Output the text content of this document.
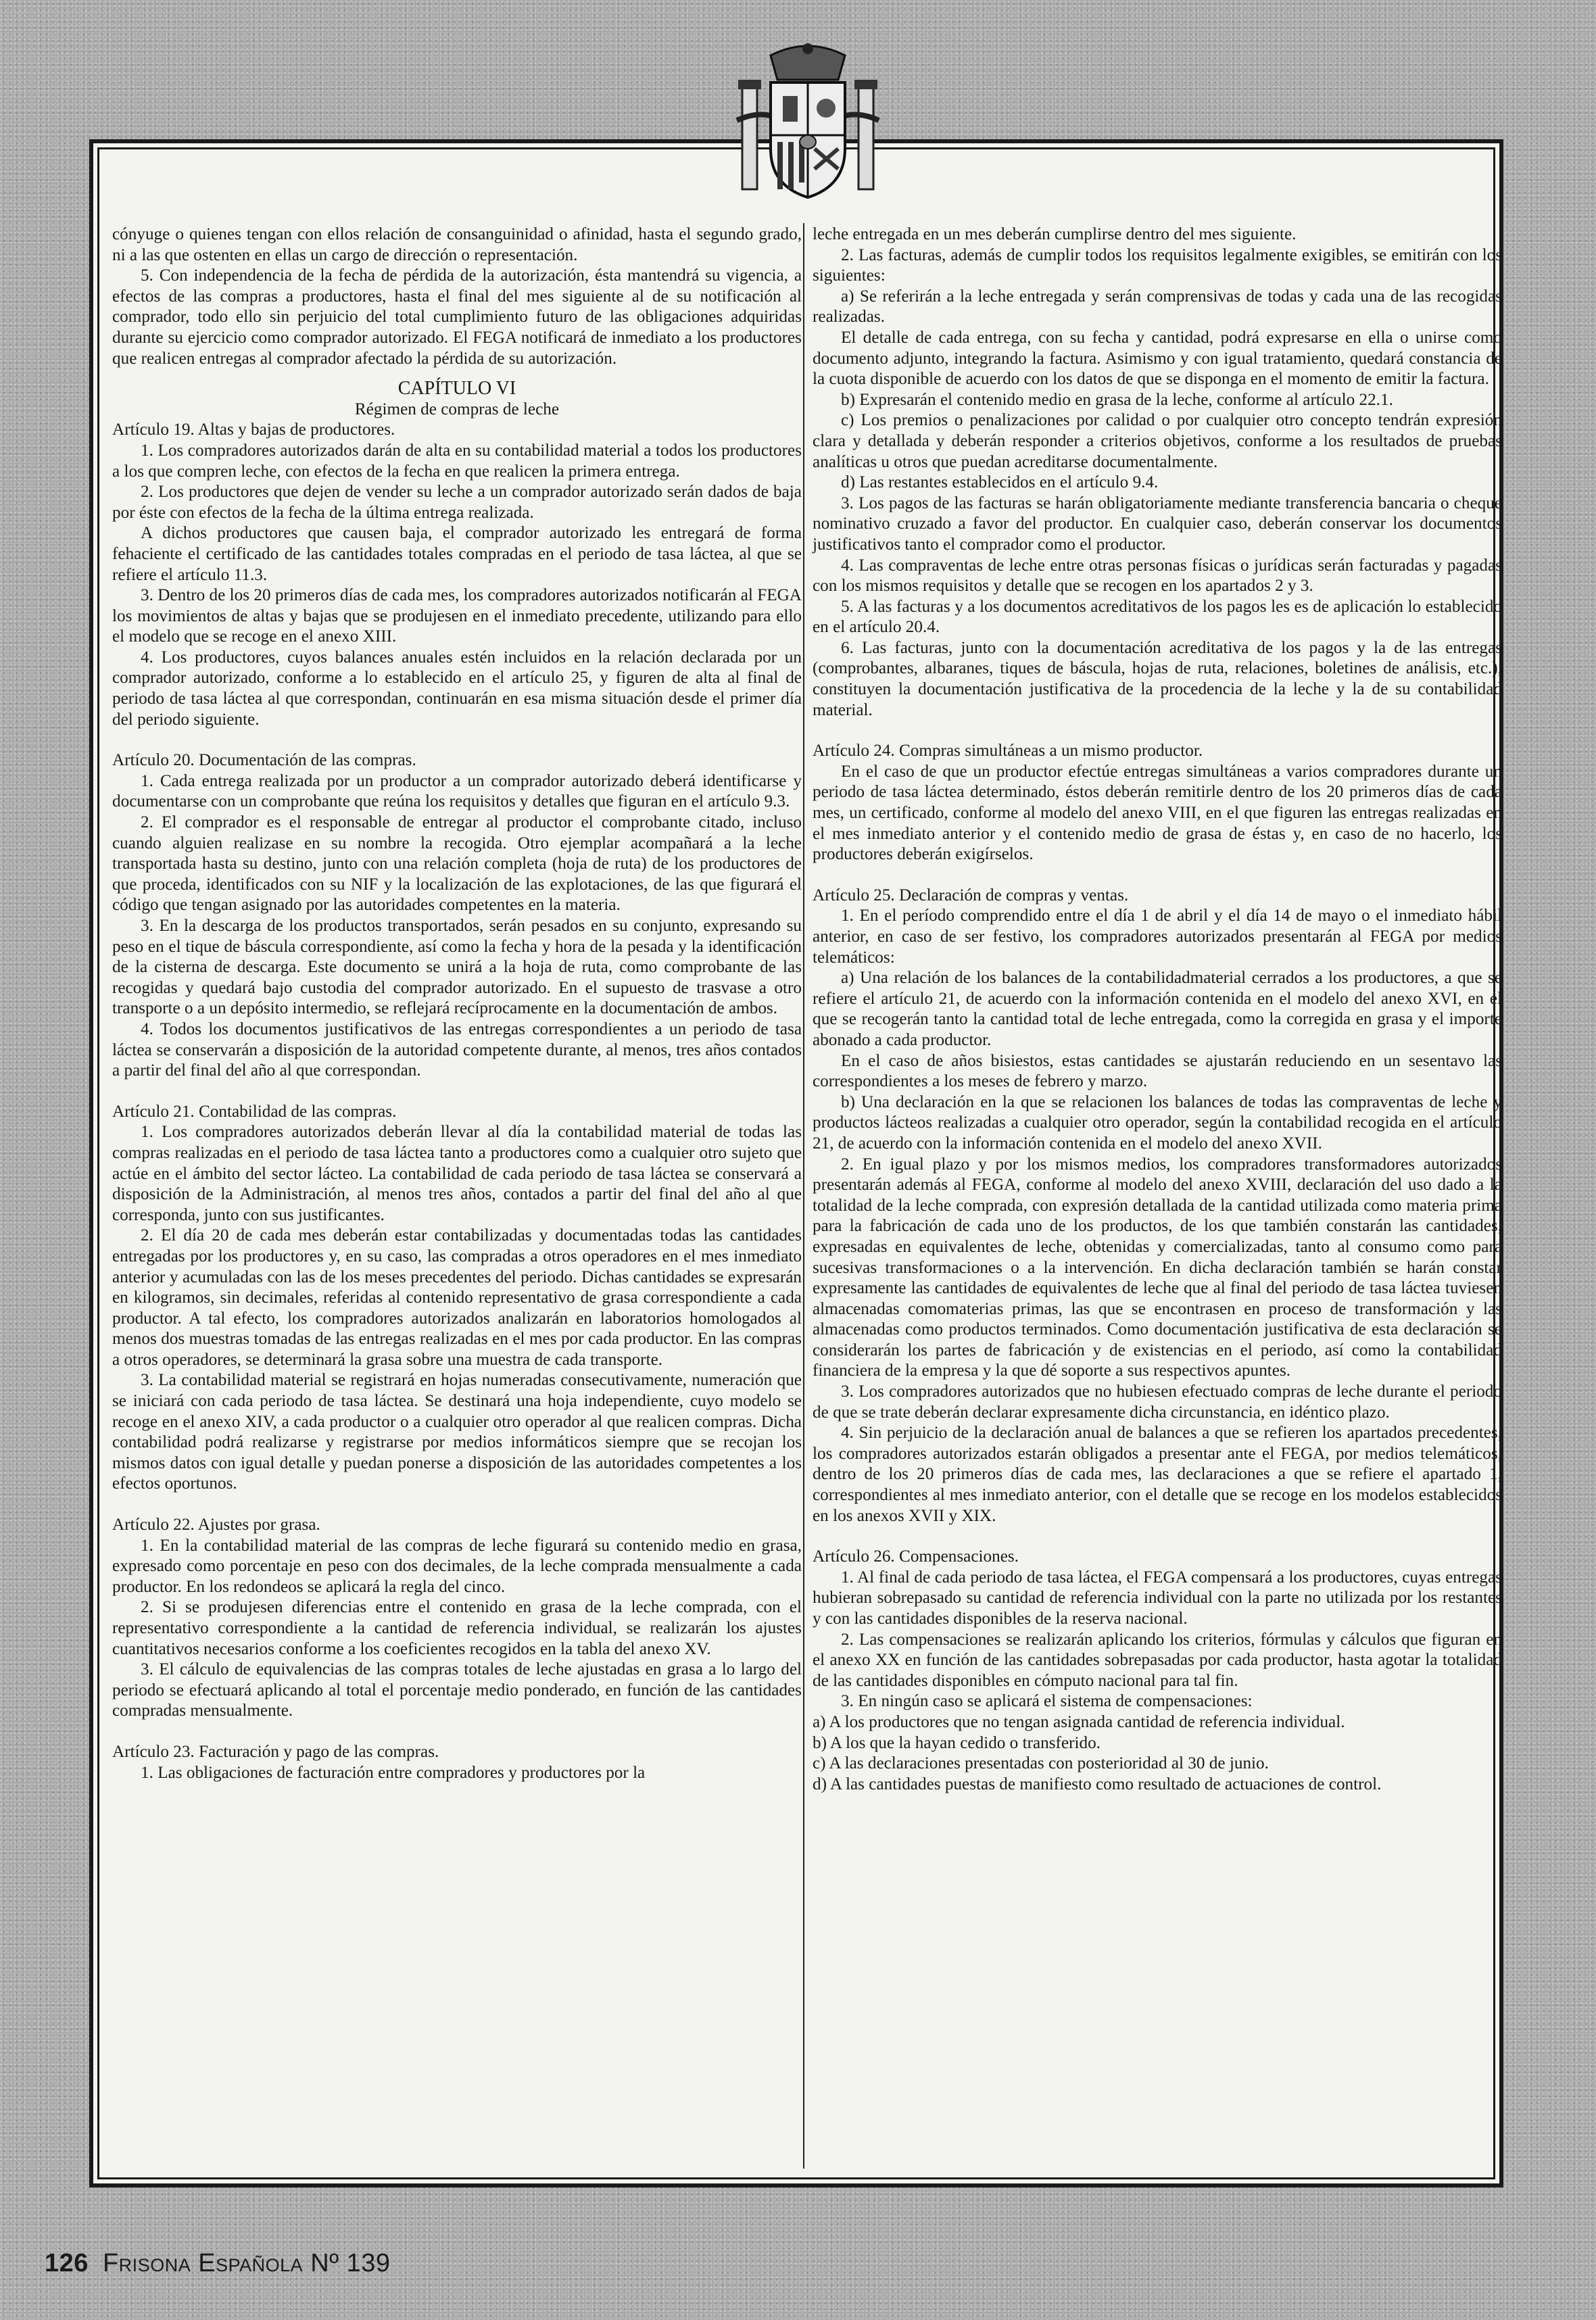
cónyuge o quienes tengan con ellos relación de consanguinidad o afinidad, hasta el segundo grado, ni a las que ostenten en ellas un cargo de dirección o representación.

5. Con independencia de la fecha de pérdida de la autorización, ésta mantendrá su vigencia, a efectos de las compras a productores, hasta el final del mes siguiente al de su notificación al comprador, todo ello sin perjuicio del total cumplimiento futuro de las obligaciones adquiridas durante su ejercicio como comprador autorizado. El FEGA notificará de inmediato a los productores que realicen entregas al comprador afectado la pérdida de su autorización.

CAPÍTULO VI

Régimen de compras de leche

Artículo 19. Altas y bajas de productores.

1. Los compradores autorizados darán de alta en su contabilidad material a todos los productores a los que compren leche, con efectos de la fecha en que realicen la primera entrega.

2. Los productores que dejen de vender su leche a un comprador autorizado serán dados de baja por éste con efectos de la fecha de la última entrega realizada.

A dichos productores que causen baja, el comprador autorizado les entregará de forma fehaciente el certificado de las cantidades totales compradas en el periodo de tasa láctea, al que se refiere el artículo 11.3.

3. Dentro de los 20 primeros días de cada mes, los compradores autorizados notificarán al FEGA los movimientos de altas y bajas que se produjesen en el inmediato precedente, utilizando para ello el modelo que se recoge en el anexo XIII.

4. Los productores, cuyos balances anuales estén incluidos en la relación declarada por un comprador autorizado, conforme a lo establecido en el artículo 25, y figuren de alta al final de periodo de tasa láctea al que correspondan, continuarán en esa misma situación desde el primer día del periodo siguiente.

Artículo 20. Documentación de las compras.

1. Cada entrega realizada por un productor a un comprador autorizado deberá identificarse y documentarse con un comprobante que reúna los requisitos y detalles que figuran en el artículo 9.3.

2. El comprador es el responsable de entregar al productor el comprobante citado, incluso cuando alguien realizase en su nombre la recogida. Otro ejemplar acompañará a la leche transportada hasta su destino, junto con una relación completa (hoja de ruta) de los productores de que proceda, identificados con su NIF y la localización de las explotaciones, de las que figurará el código que tengan asignado por las autoridades competentes en la materia.

3. En la descarga de los productos transportados, serán pesados en su conjunto, expresando su peso en el tique de báscula correspondiente, así como la fecha y hora de la pesada y la identificación de la cisterna de descarga. Este documento se unirá a la hoja de ruta, como comprobante de las recogidas y quedará bajo custodia del comprador autorizado. En el supuesto de trasvase a otro transporte o a un depósito intermedio, se reflejará recíprocamente en la documentación de ambos.

4. Todos los documentos justificativos de las entregas correspondientes a un periodo de tasa láctea se conservarán a disposición de la autoridad competente durante, al menos, tres años contados a partir del final del año al que correspondan.

Artículo 21. Contabilidad de las compras.

1. Los compradores autorizados deberán llevar al día la contabilidad material de todas las compras realizadas en el periodo de tasa láctea tanto a productores como a cualquier otro sujeto que actúe en el ámbito del sector lácteo. La contabilidad de cada periodo de tasa láctea se conservará a disposición de la Administración, al menos tres años, contados a partir del final del año al que corresponda, junto con sus justificantes.

2. El día 20 de cada mes deberán estar contabilizadas y documentadas todas las cantidades entregadas por los productores y, en su caso, las compradas a otros operadores en el mes inmediato anterior y acumuladas con las de los meses precedentes del periodo. Dichas cantidades se expresarán en kilogramos, sin decimales, referidas al contenido representativo de grasa correspondiente a cada productor. A tal efecto, los compradores autorizados analizarán en laboratorios homologados al menos dos muestras tomadas de las entregas realizadas en el mes por cada productor. En las compras a otros operadores, se determinará la grasa sobre una muestra de cada transporte.

3. La contabilidad material se registrará en hojas numeradas consecutivamente, numeración que se iniciará con cada periodo de tasa láctea. Se destinará una hoja independiente, cuyo modelo se recoge en el anexo XIV, a cada productor o a cualquier otro operador al que realicen compras. Dicha contabilidad podrá realizarse y registrarse por medios informáticos siempre que se recojan los mismos datos con igual detalle y puedan ponerse a disposición de las autoridades competentes a los efectos oportunos.

Artículo 22. Ajustes por grasa.

1. En la contabilidad material de las compras de leche figurará su contenido medio en grasa, expresado como porcentaje en peso con dos decimales, de la leche comprada mensualmente a cada productor. En los redondeos se aplicará la regla del cinco.

2. Si se produjesen diferencias entre el contenido en grasa de la leche comprada, con el representativo correspondiente a la cantidad de referencia individual, se realizarán los ajustes cuantitativos necesarios conforme a los coeficientes recogidos en la tabla del anexo XV.

3. El cálculo de equivalencias de las compras totales de leche ajustadas en grasa a lo largo del periodo se efectuará aplicando al total el porcentaje medio ponderado, en función de las cantidades compradas mensualmente.

Artículo 23. Facturación y pago de las compras.

1. Las obligaciones de facturación entre compradores y productores por la

leche entregada en un mes deberán cumplirse dentro del mes siguiente.

2. Las facturas, además de cumplir todos los requisitos legalmente exigibles, se emitirán con los siguientes:

a) Se referirán a la leche entregada y serán comprensivas de todas y cada una de las recogidas realizadas.

El detalle de cada entrega, con su fecha y cantidad, podrá expresarse en ella o unirse como documento adjunto, integrando la factura. Asimismo y con igual tratamiento, quedará constancia de la cuota disponible de acuerdo con los datos de que se disponga en el momento de emitir la factura.

b) Expresarán el contenido medio en grasa de la leche, conforme al artículo 22.1.

c) Los premios o penalizaciones por calidad o por cualquier otro concepto tendrán expresión clara y detallada y deberán responder a criterios objetivos, conforme a los resultados de pruebas analíticas u otros que puedan acreditarse documentalmente.

d) Las restantes establecidos en el artículo 9.4.

3. Los pagos de las facturas se harán obligatoriamente mediante transferencia bancaria o cheque nominativo cruzado a favor del productor. En cualquier caso, deberán conservar los documentos justificativos tanto el comprador como el productor.

4. Las compraventas de leche entre otras personas físicas o jurídicas serán facturadas y pagadas con los mismos requisitos y detalle que se recogen en los apartados 2 y 3.

5. A las facturas y a los documentos acreditativos de los pagos les es de aplicación lo establecido en el artículo 20.4.

6. Las facturas, junto con la documentación acreditativa de los pagos y la de las entregas (comprobantes, albaranes, tiques de báscula, hojas de ruta, relaciones, boletines de análisis, etc.), constituyen la documentación justificativa de la procedencia de la leche y la de su contabilidad material.

Artículo 24. Compras simultáneas a un mismo productor.

En el caso de que un productor efectúe entregas simultáneas a varios compradores durante un periodo de tasa láctea determinado, éstos deberán remitirle dentro de los 20 primeros días de cada mes, un certificado, conforme al modelo del anexo VIII, en el que figuren las entregas realizadas en el mes inmediato anterior y el contenido medio de grasa de éstas y, en caso de no hacerlo, los productores deberán exigírselos.

Artículo 25. Declaración de compras y ventas.

1. En el período comprendido entre el día 1 de abril y el día 14 de mayo o el inmediato hábil anterior, en caso de ser festivo, los compradores autorizados presentarán al FEGA por medios telemáticos:

a) Una relación de los balances de la contabilidadmaterial cerrados a los productores, a que se refiere el artículo 21, de acuerdo con la información contenida en el modelo del anexo XVI, en el que se recogerán tanto la cantidad total de leche entregada, como la corregida en grasa y el importe abonado a cada productor.

En el caso de años bisiestos, estas cantidades se ajustarán reduciendo en un sesentavo las correspondientes a los meses de febrero y marzo.

b) Una declaración en la que se relacionen los balances de todas las compraventas de leche y productos lácteos realizadas a cualquier otro operador, según la contabilidad recogida en el artículo 21, de acuerdo con la información contenida en el modelo del anexo XVII.

2. En igual plazo y por los mismos medios, los compradores transformadores autorizados presentarán además al FEGA, conforme al modelo del anexo XVIII, declaración del uso dado a la totalidad de la leche comprada, con expresión detallada de la cantidad utilizada como materia prima para la fabricación de cada uno de los productos, de los que también constarán las cantidades, expresadas en equivalentes de leche, obtenidas y comercializadas, tanto al consumo como para sucesivas transformaciones o a la intervención. En dicha declaración también se harán constar expresamente las cantidades de equivalentes de leche que al final del periodo de tasa láctea tuviesen almacenadas comomaterias primas, las que se encontrasen en proceso de transformación y las almacenadas como productos terminados. Como documentación justificativa de esta declaración se considerarán los partes de fabricación y de existencias en el periodo, así como la contabilidad financiera de la empresa y la que dé soporte a sus respectivos apuntes.

3. Los compradores autorizados que no hubiesen efectuado compras de leche durante el periodo de que se trate deberán declarar expresamente dicha circunstancia, en idéntico plazo.

4. Sin perjuicio de la declaración anual de balances a que se refieren los apartados precedentes, los compradores autorizados estarán obligados a presentar ante el FEGA, por medios telemáticos, dentro de los 20 primeros días de cada mes, las declaraciones a que se refiere el apartado 1, correspondientes al mes inmediato anterior, con el detalle que se recoge en los modelos establecidos en los anexos XVII y XIX.

Artículo 26. Compensaciones.

1. Al final de cada periodo de tasa láctea, el FEGA compensará a los productores, cuyas entregas hubieran sobrepasado su cantidad de referencia individual con la parte no utilizada por los restantes y con las cantidades disponibles de la reserva nacional.

2. Las compensaciones se realizarán aplicando los criterios, fórmulas y cálculos que figuran en el anexo XX en función de las cantidades sobrepasadas por cada productor, hasta agotar la totalidad de las cantidades disponibles en cómputo nacional para tal fin.

3. En ningún caso se aplicará el sistema de compensaciones:

a) A los productores que no tengan asignada cantidad de referencia individual.

b) A los que la hayan cedido o transferido.

c) A las declaraciones presentadas con posterioridad al 30 de junio.

d) A las cantidades puestas de manifiesto como resultado de actuaciones de control.

126 Frisona Española Nº 139
